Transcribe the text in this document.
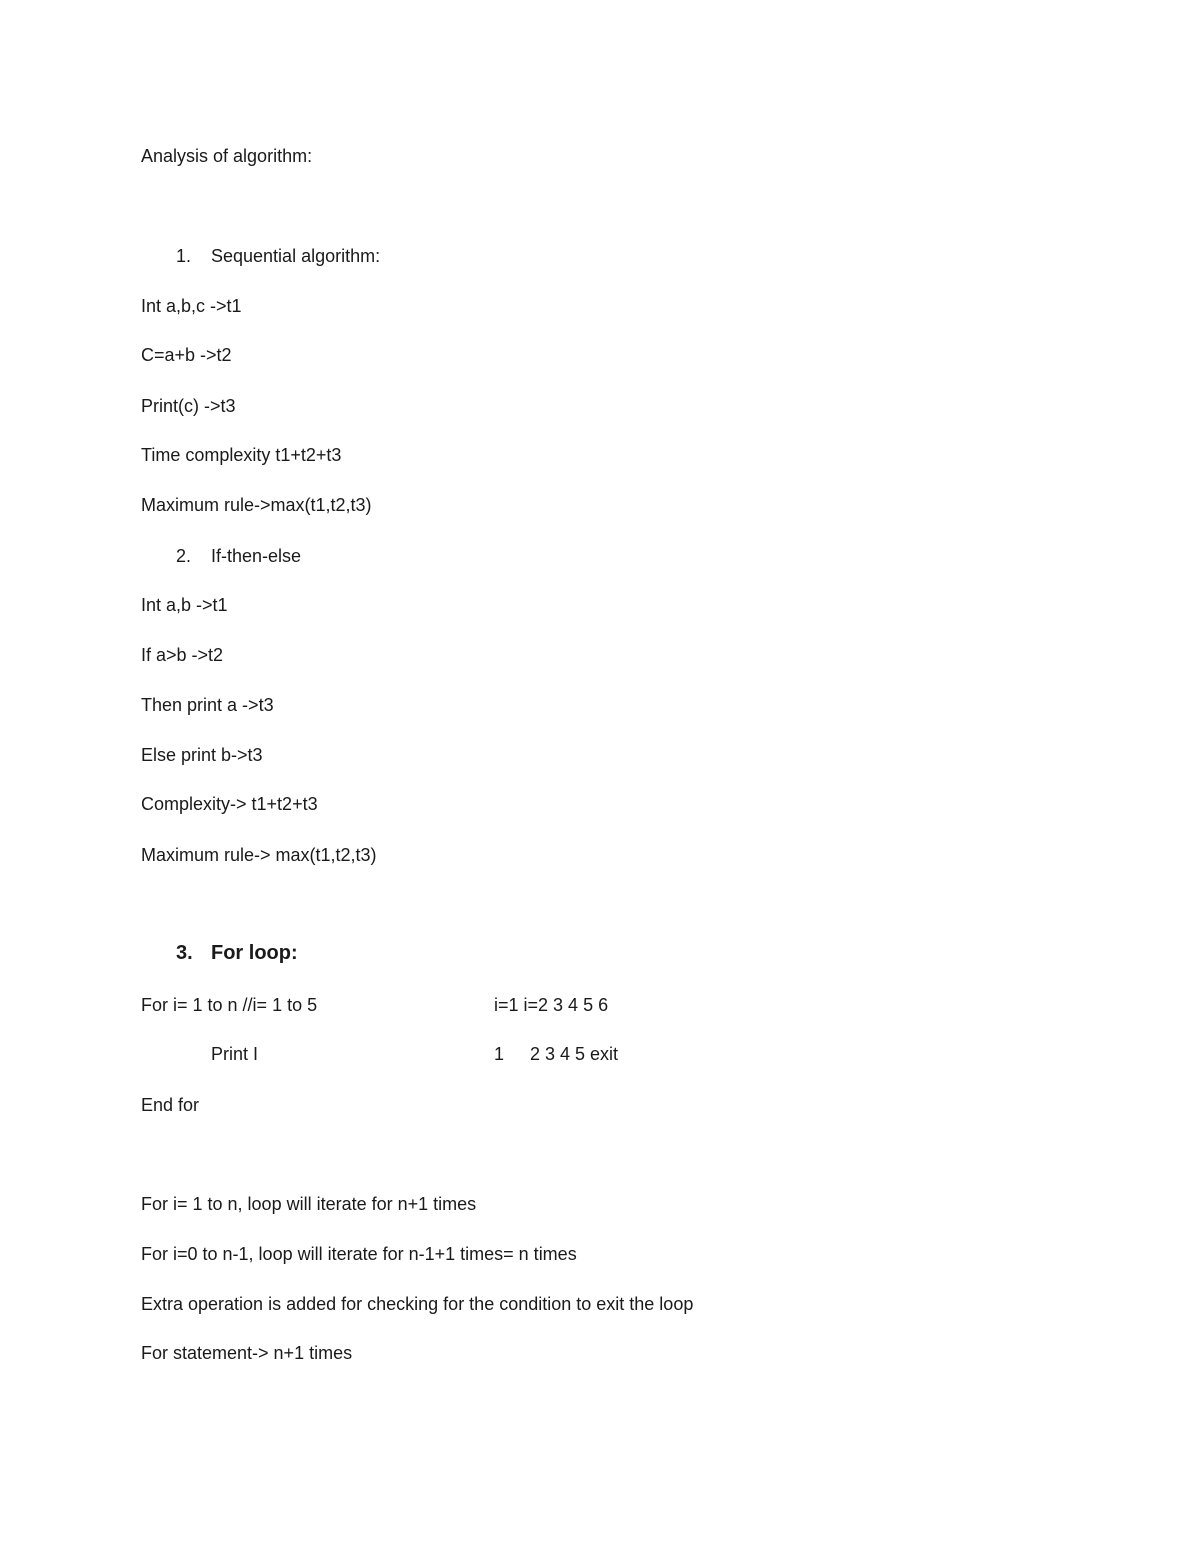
Analysis of algorithm:
1. Sequential algorithm:
Int a,b,c ->t1
C=a+b ->t2
Print(c) ->t3
Time complexity t1+t2+t3
Maximum rule->max(t1,t2,t3)
2. If-then-else
Int a,b ->t1
If a>b ->t2
Then print a ->t3
Else print b->t3
Complexity-> t1+t2+t3
Maximum rule-> max(t1,t2,t3)
3. For loop:
For i= 1 to n //i= 1 to 5	i=1 i=2 3 4 5 6
Print I	1 2 3 4 5 exit
End for
For i= 1 to n, loop will iterate for n+1 times
For i=0 to n-1, loop will iterate for n-1+1 times= n times
Extra operation is added for checking for the condition to exit the loop
For statement-> n+1 times
